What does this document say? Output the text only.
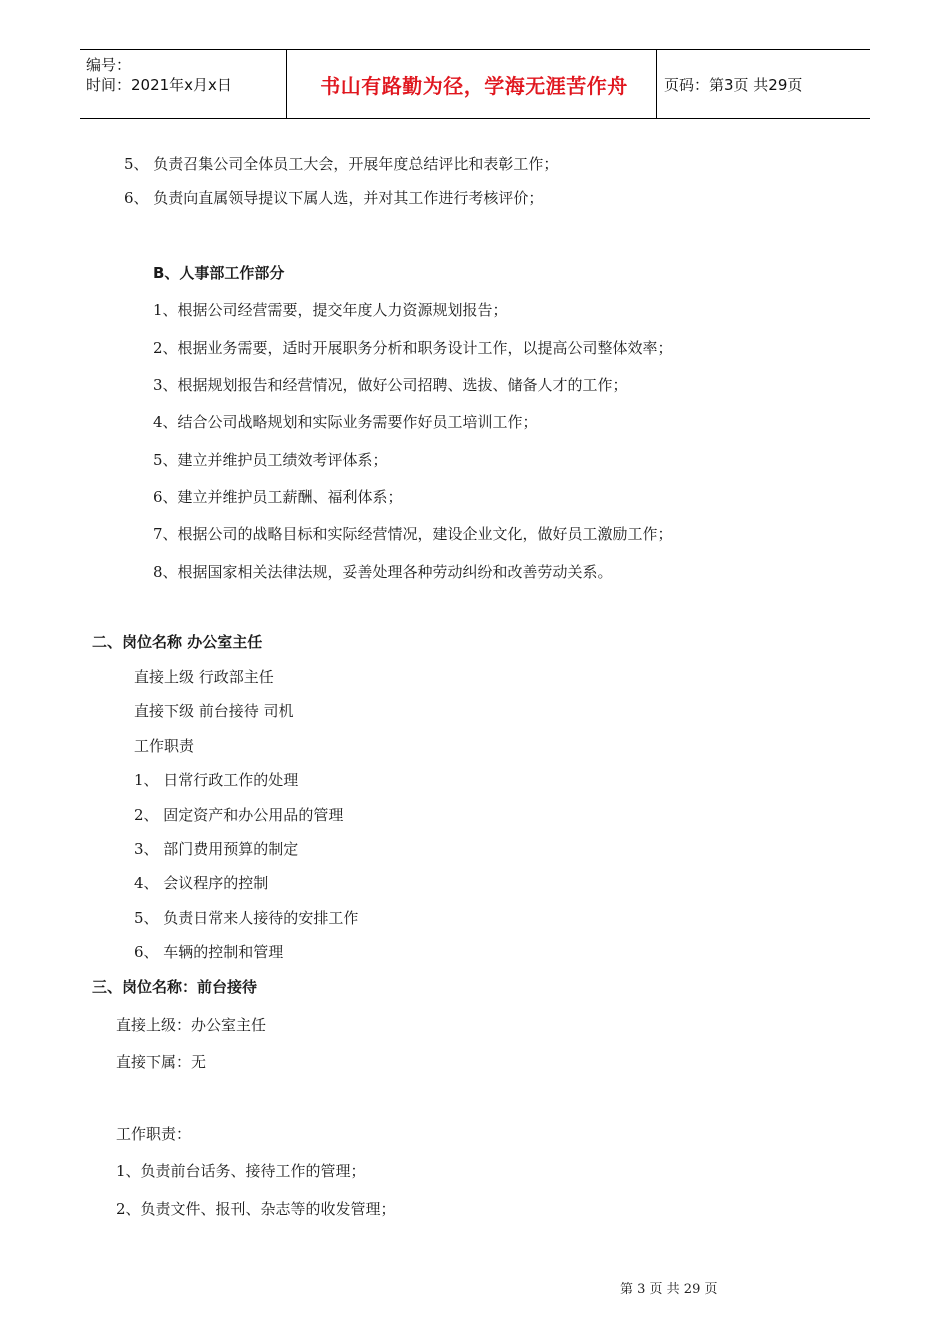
编号：
时间：2021年x月x日	书山有路勤为径，学海无涯苦作舟	页码：第3页 共29页
5、 负责召集公司全体员工大会，开展年度总结评比和表彰工作；
6、 负责向直属领导提议下属人选，并对其工作进行考核评价；
B、人事部工作部分
1、根据公司经营需要，提交年度人力资源规划报告；
2、根据业务需要，适时开展职务分析和职务设计工作，以提高公司整体效率；
3、根据规划报告和经营情况，做好公司招聘、选拔、储备人才的工作；
4、结合公司战略规划和实际业务需要作好员工培训工作；
5、建立并维护员工绩效考评体系；
6、建立并维护员工薪酬、福利体系；
7、根据公司的战略目标和实际经营情况，建设企业文化，做好员工激励工作；
8、根据国家相关法律法规，妥善处理各种劳动纠纷和改善劳动关系。
二、岗位名称 办公室主任
直接上级 行政部主任
直接下级 前台接待 司机
工作职责
1、 日常行政工作的处理
2、 固定资产和办公用品的管理
3、 部门费用预算的制定
4、 会议程序的控制
5、 负责日常来人接待的安排工作
6、 车辆的控制和管理
三、岗位名称：前台接待
直接上级：办公室主任
直接下属：无
工作职责：
1、负责前台话务、接待工作的管理；
2、负责文件、报刊、杂志等的收发管理；
第 3 页 共 29 页
